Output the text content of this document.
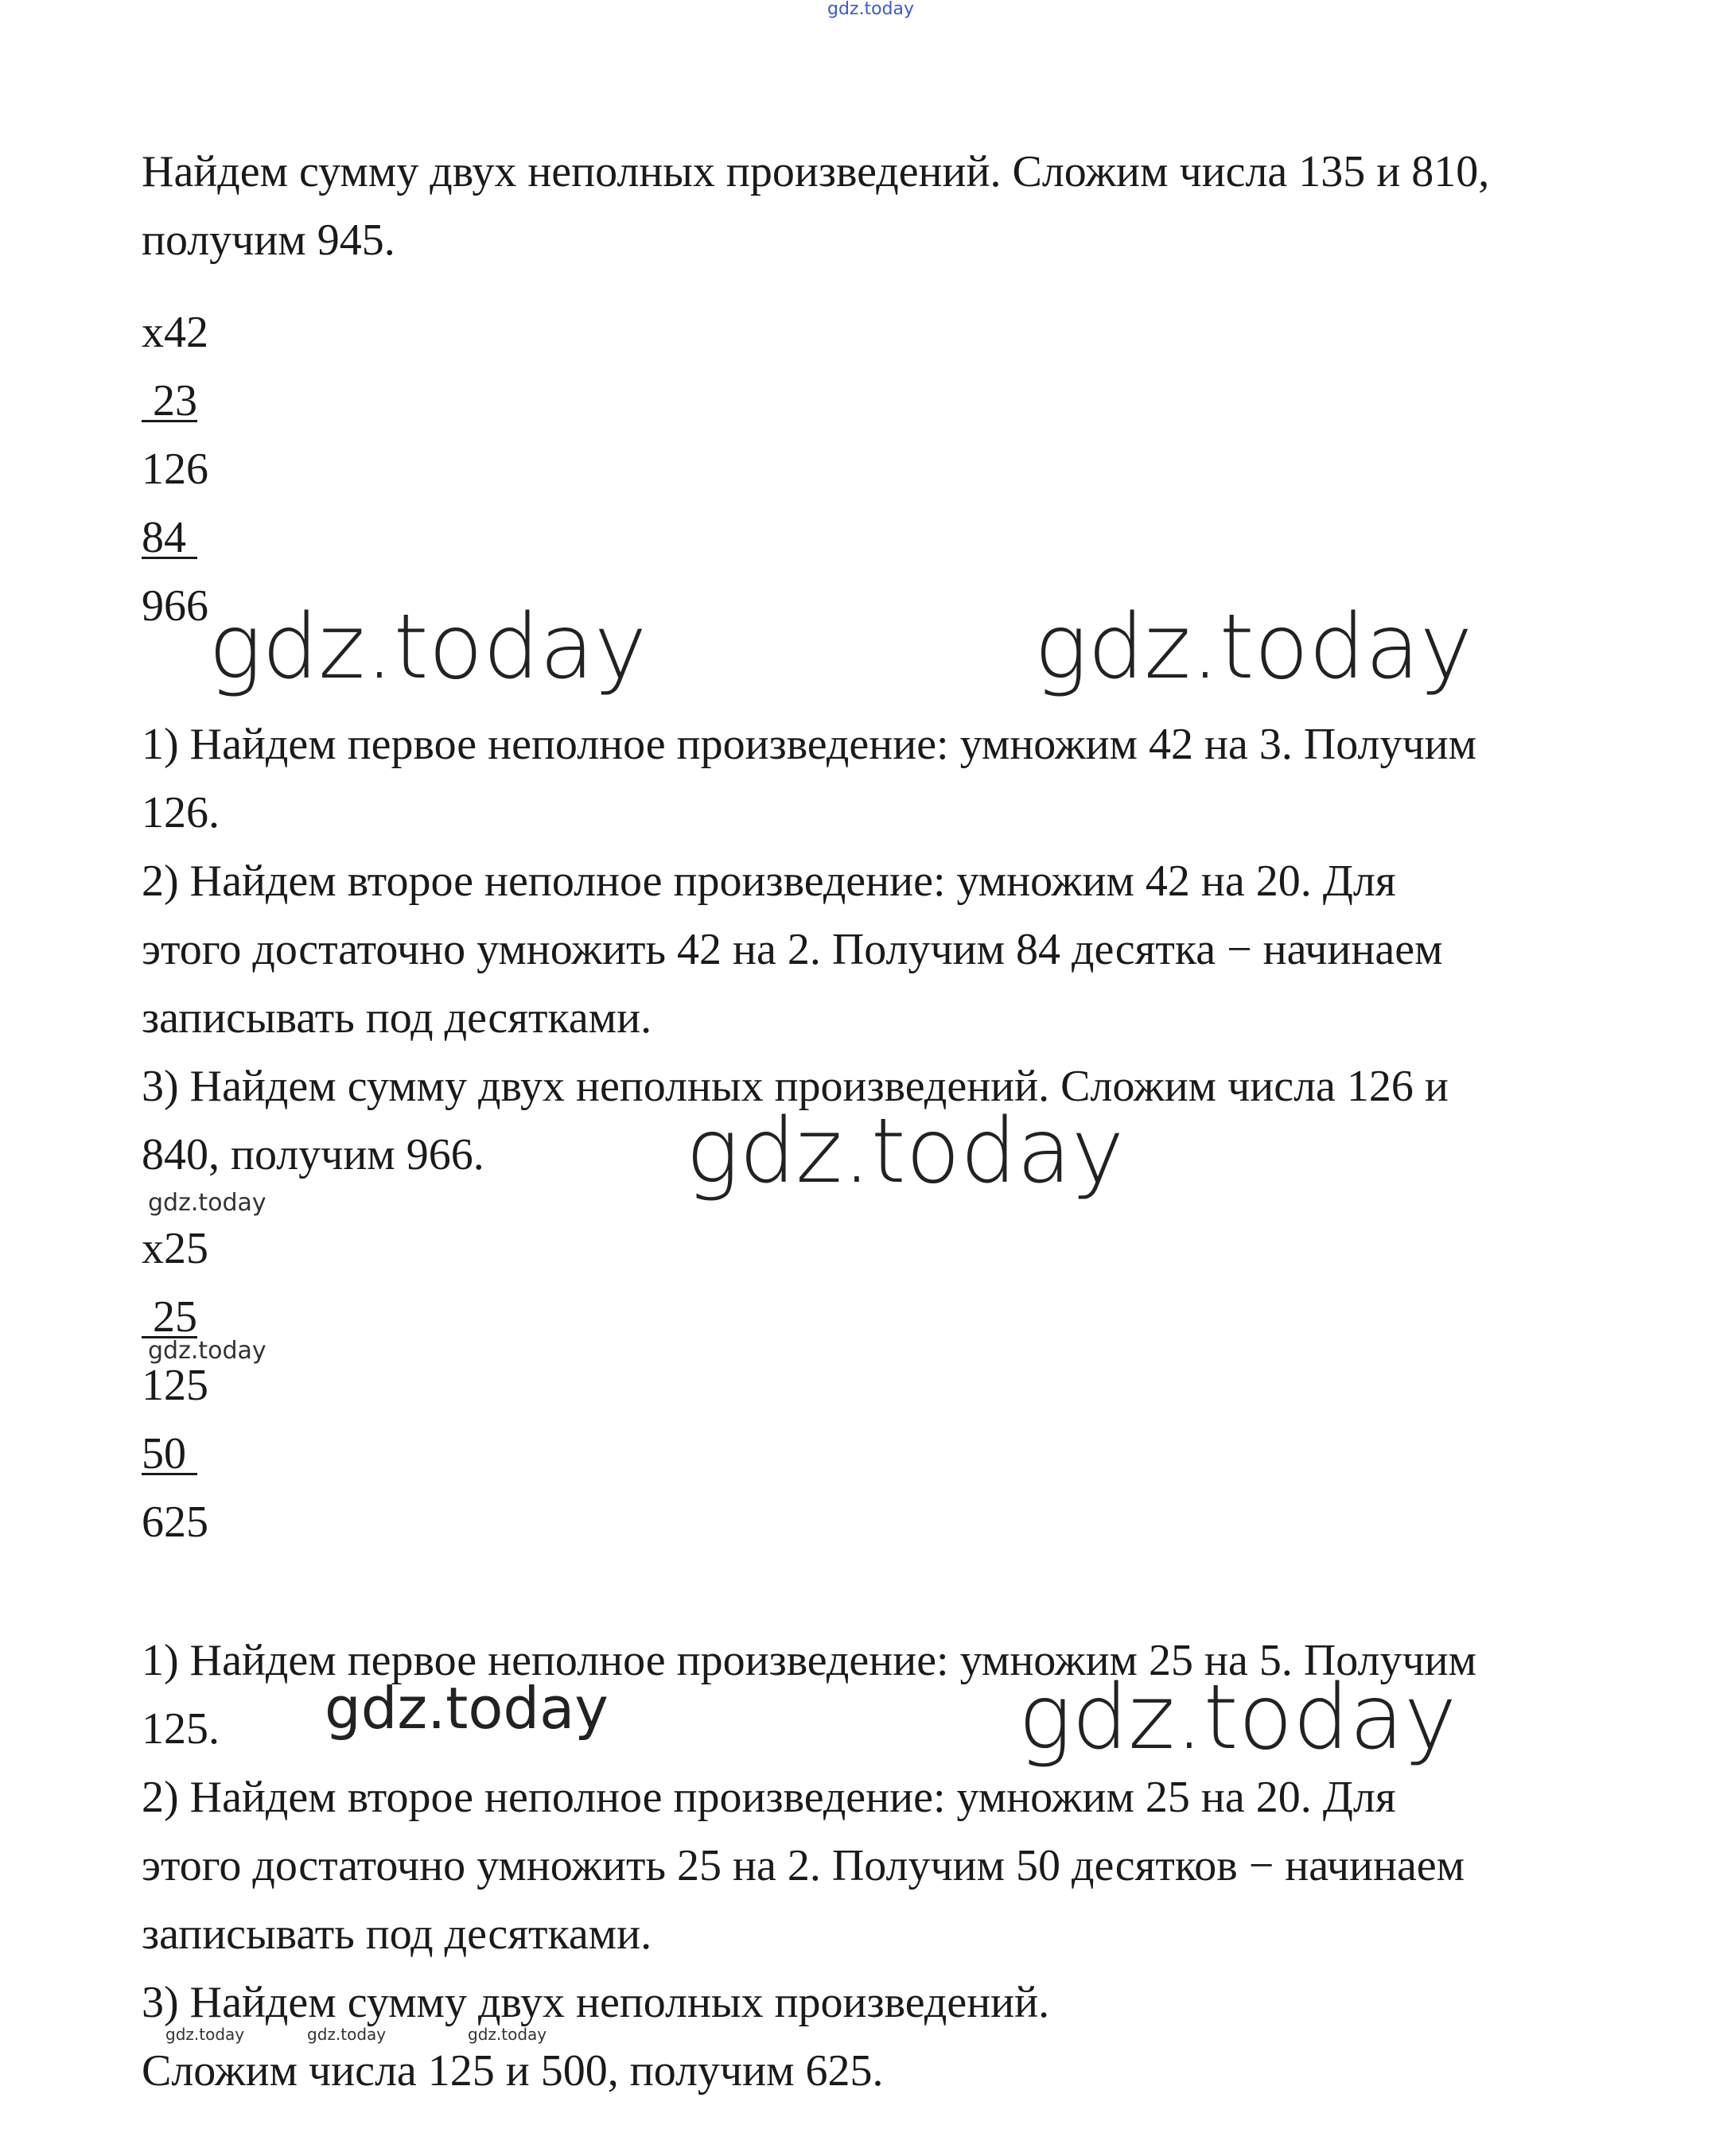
gdz.today
Найдем сумму двух неполных произведений. Сложим числа 135 и 810,
получим 945.
x42
23
126
84
966 gdz.today	gdz.today
1) Найдем первое неполное произведение: умножим 42 на 3. Получим
126.
2) Найдем второе неполное произведение: умножим 42 на 20. Для
этого достаточно умножить 42 на 2. Получим 84 десятка − начинаем
записывать под десятками.
3) Найдем сумму двух неполных произведений. Сложим числа 126 и
840, получим 966. gdz.today
gdz.today
x25
25
gdz.today
125
50
625
1) Найдем первое неполное произведение: умножим 25 на 5. Получим
125. gdz.today	gdz.today
2) Найдем второе неполное произведение: умножим 25 на 20. Для
этого достаточно умножить 25 на 2. Получим 50 десятков − начинаем
записывать под десятками.
3) Найдем сумму двух неполных произведений.
gdz.today	gdz.today	gdz.today
Сложим числа 125 и 500, получим 625.
